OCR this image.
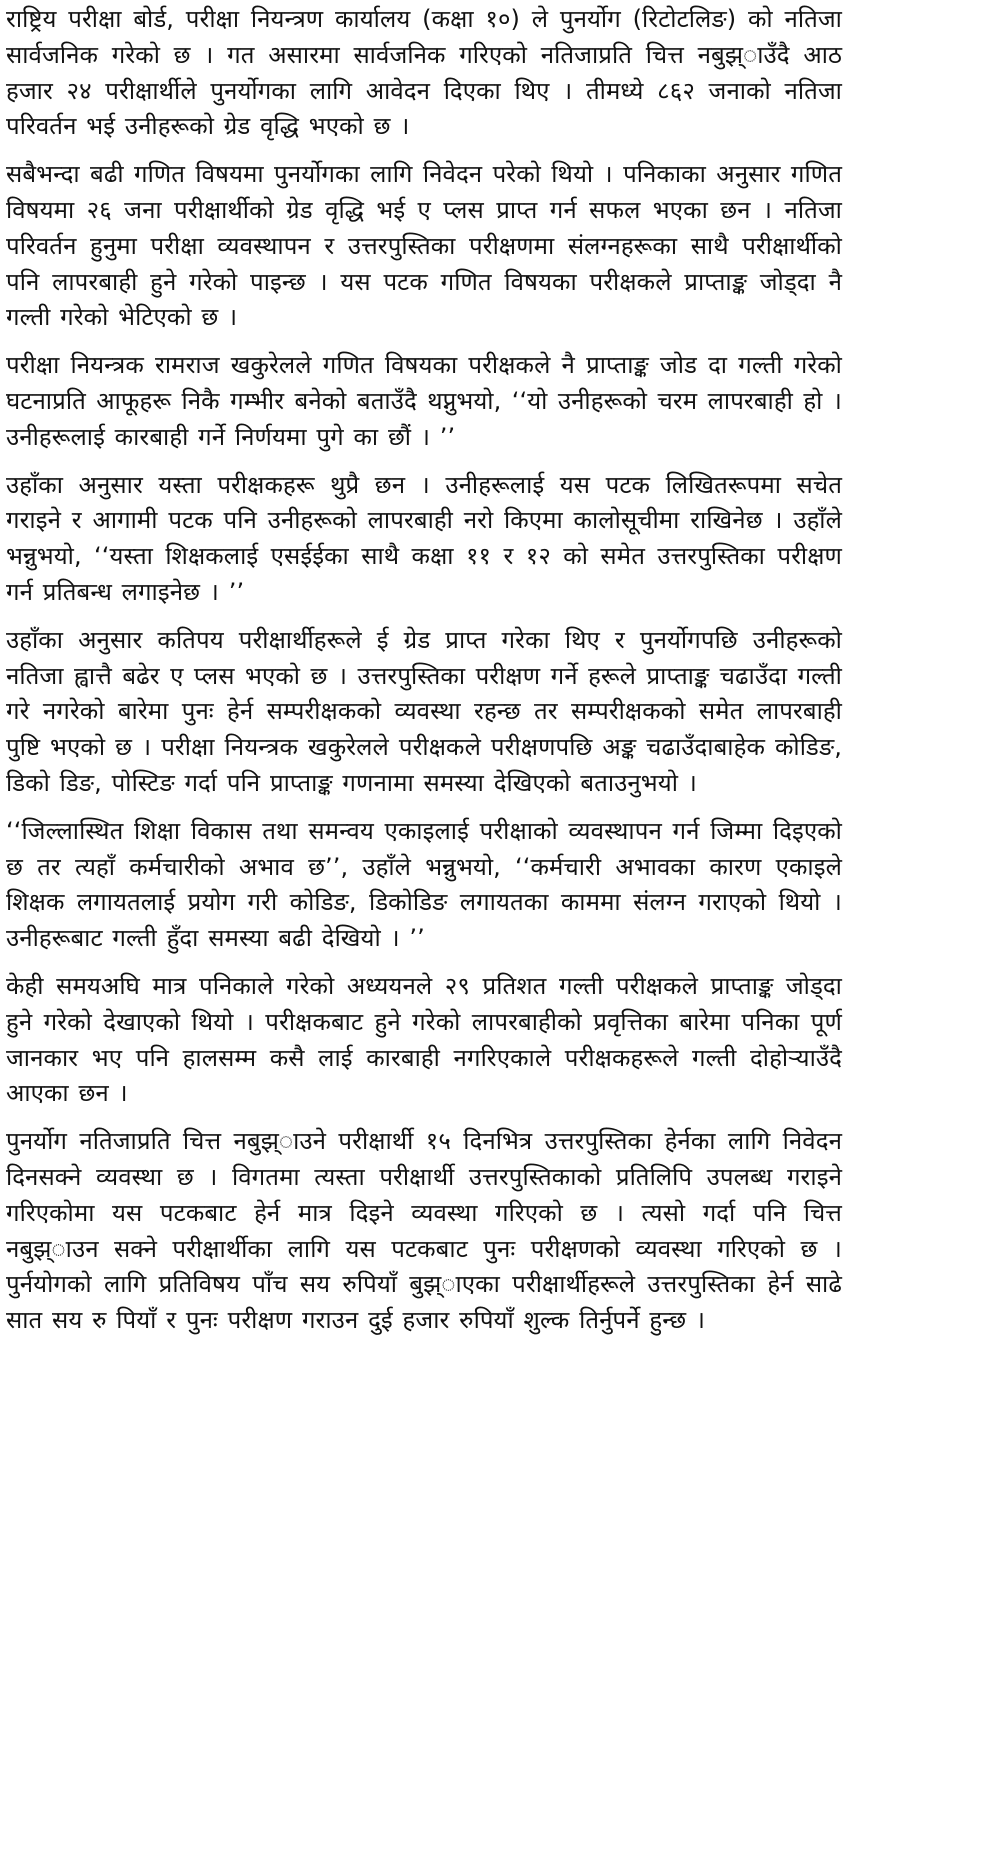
राष्ट्रिय परीक्षा बोर्ड, परीक्षा नियन्त्रण कार्यालय (कक्षा १०) ले पुनर्योग (रिटोटलिङ) को नतिजा सार्वजनिक गरेको छ । गत असारमा सार्वजनिक गरिएको नतिजाप्रति चित्त नबुझ्ाउँदै आठ हजार २४ परीक्षार्थीले पुनर्योगका लागि आवेदन दिएका थिए । तीमध्ये ८६२ जनाको नतिजा परिवर्तन भई उनीहरूको ग्रेड वृद्धि भएको छ ।

सबैभन्दा बढी गणित विषयमा पुनर्योगका लागि निवेदन परेको थियो । पनिकाका अनुसार गणित विषयमा २६ जना परीक्षार्थीको ग्रेड वृद्धि भई ए प्लस प्राप्त गर्न सफल भएका छन । नतिजा परिवर्तन हुनुमा परीक्षा व्यवस्थापन र उत्तरपुस्तिका परीक्षणमा संलग्नहरूका साथै परीक्षार्थीको पनि लापरबाही हुने गरेको पाइन्छ । यस पटक गणित विषयका परीक्षकले प्राप्ताङ्क जोड्दा नै गल्ती गरेको भेटिएको छ ।

परीक्षा नियन्त्रक रामराज खकुरेलले गणित विषयका परीक्षकले नै प्राप्ताङ्क जोड दा गल्ती गरेको घटनाप्रति आफूहरू निकै गम्भीर बनेको बताउँदै थप्नुभयो, ‘‘यो उनीहरूको चरम लापरबाही हो । उनीहरूलाई कारबाही गर्ने निर्णयमा पुगे का छौं । ’’

उहाँका अनुसार यस्ता परीक्षकहरू थुप्रै छन । उनीहरूलाई यस पटक लिखितरूपमा सचेत गराइने र आगामी पटक पनि उनीहरूको लापरबाही नरो किएमा कालोसूचीमा राखिनेछ । उहाँले भन्नुभयो, ‘‘यस्ता शिक्षकलाई एसईईका साथै कक्षा ११ र १२ को समेत उत्तरपुस्तिका परीक्षण गर्न प्रतिबन्ध लगाइनेछ । ’’

उहाँका अनुसार कतिपय परीक्षार्थीहरूले ई ग्रेड प्राप्त गरेका थिए र पुनर्योगपछि उनीहरूको नतिजा ह्वात्तै बढेर ए प्लस भएको छ । उत्तरपुस्तिका परीक्षण गर्ने हरूले प्राप्ताङ्क चढाउँदा गल्ती गरे नगरेको बारेमा पुनः हेर्न सम्परीक्षकको व्यवस्था रहन्छ तर सम्परीक्षकको समेत लापरबाही पुष्टि भएको छ । परीक्षा नियन्त्रक खकुरेलले परीक्षकले परीक्षणपछि अङ्क चढाउँदाबाहेक कोडिङ, डिको डिङ, पोस्टिङ गर्दा पनि प्राप्ताङ्क गणनामा समस्या देखिएको बताउनुभयो ।

‘‘जिल्लास्थित शिक्षा विकास तथा समन्वय एकाइलाई परीक्षाको व्यवस्थापन गर्न जिम्मा दिइएको छ तर त्यहाँ कर्मचारीको अभाव छ’’, उहाँले भन्नुभयो, ‘‘कर्मचारी अभावका कारण एकाइले शिक्षक लगायतलाई प्रयोग गरी कोडिङ, डिकोडिङ लगायतका काममा संलग्न गराएको थियो । उनीहरूबाट गल्ती हुँदा समस्या बढी देखियो । ’’

केही समयअघि मात्र पनिकाले गरेको अध्ययनले २९ प्रतिशत गल्ती परीक्षकले प्राप्ताङ्क जोड्दा हुने गरेको देखाएको थियो । परीक्षकबाट हुने गरेको लापरबाहीको प्रवृत्तिका बारेमा पनिका पूर्ण जानकार भए पनि हालसम्म कसै लाई कारबाही नगरिएकाले परीक्षकहरूले गल्ती दोहोर्‍याउँदै आएका छन ।

पुनर्योग नतिजाप्रति चित्त नबुझ्ाउने परीक्षार्थी १५ दिनभित्र उत्तरपुस्तिका हेर्नका लागि निवेदन दिनसक्ने व्यवस्था छ । विगतमा त्यस्ता परीक्षार्थी उत्तरपुस्तिकाको प्रतिलिपि उपलब्ध गराइने गरिएकोमा यस पटकबाट हेर्न मात्र दिइने व्यवस्था गरिएको छ । त्यसो गर्दा पनि चित्त नबुझ्ाउन सक्ने परीक्षार्थीका लागि यस पटकबाट पुनः परीक्षणको व्यवस्था गरिएको छ । पुर्नयोगको लागि प्रतिविषय पाँच सय रुपियाँ बुझ्ाएका परीक्षार्थीहरूले उत्तरपुस्तिका हेर्न साढे सात सय रु पियाँ र पुनः परीक्षण गराउन दुई हजार रुपियाँ शुल्क तिर्नुपर्ने हुन्छ ।
